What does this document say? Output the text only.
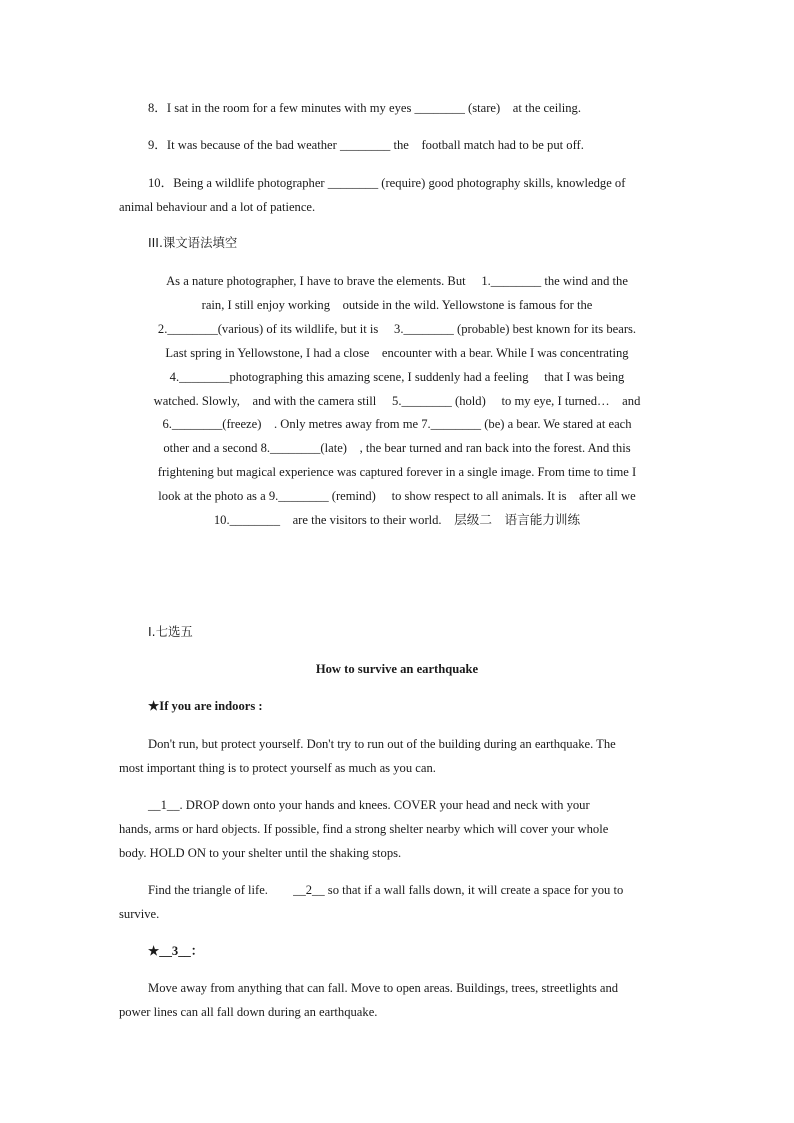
8．I sat in the room for a few minutes with my eyes ________ (stare)　at the ceiling.

9．It was because of the bad weather ________ the　football match had to be put off.

10．Being a wildlife photographer ________ (require) good photography skills, knowledge of

animal behaviour and a lot of patience.

III.课文语法填空

As a nature photographer, I have to brave the elements. But　 1.________ the wind and the

rain, I still enjoy working　outside in the wild. Yellowstone is famous for the

2.________(various) of its wildlife, but it is　 3.________ (probable) best known for its bears.

Last spring in Yellowstone, I had a close　encounter with a bear. While I was concentrating

4.________photographing this amazing scene, I suddenly had a feeling　 that I was being

watched. Slowly,　and with the camera still　 5.________ (hold)　 to my eye, I turned…　and

6.________(freeze)　. Only metres away from me 7.________ (be) a bear. We stared at each

other and a second 8.________(late)　, the bear turned and ran back into the forest. And this

frightening but magical experience was captured forever in a single image. From time to time I

look at the photo as a 9.________ (remind)　 to show respect to all animals. It is　after all we

10.________　are the visitors to their world.　层级二　语言能力训练

Ⅰ.七选五

How to survive an earthquake

★If you are indoors :

Don't run, but protect yourself. Don't try to run out of the building during an earthquake. The

most important thing is to protect yourself as much as you can.

__1__. DROP down onto your hands and knees. COVER your head and neck with your

hands, arms or hard objects. If possible, find a strong shelter nearby which will cover your whole

body. HOLD ON to your shelter until the shaking stops.

Find the triangle of life.　　__2__ so that if a wall falls down, it will create a space for you to

survive.

★__3__：

Move away from anything that can fall. Move to open areas. Buildings, trees, streetlights and

power lines can all fall down during an earthquake.
